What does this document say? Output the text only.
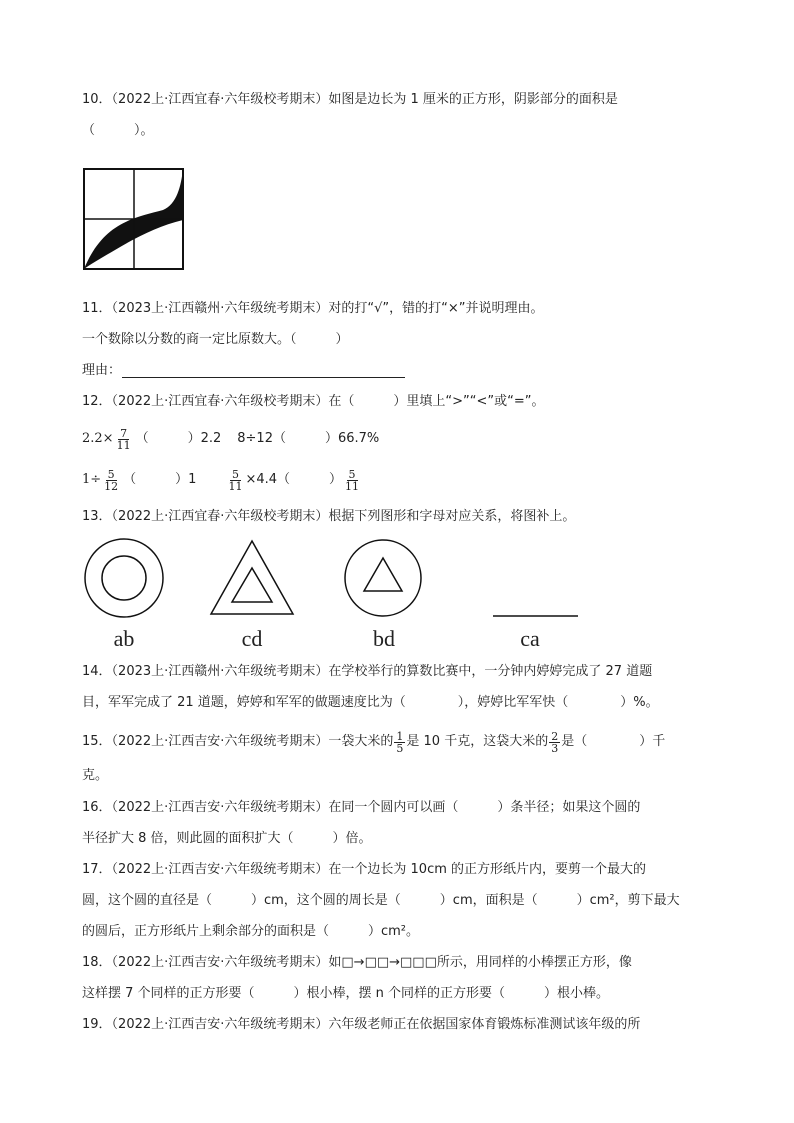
10．（2022上·江西宜春·六年级校考期末）如图是边长为 1 厘米的正方形，阴影部分的面积是
（　　　）。
11．（2023上·江西赣州·六年级统考期末）对的打“√”，错的打“×”并说明理由。
一个数除以分数的商一定比原数大。（　　　）
理由：
12．（2022上·江西宜春·六年级校考期末）在（　　　）里填上“>”“<”或“=”。
$2.2\times \frac{7}{11}$ （　　　）2.2 8÷12（　　　）66.7%
$1\div \frac{5}{12}$ （　　　）1	$\frac{5}{11} \times 4.4$（　　　） $\frac{5}{11}$
13．（2022上·江西宜春·六年级校考期末）根据下列图形和字母对应关系，将图补上。
ab	cd	bd	ca
14．（2023上·江西赣州·六年级统考期末）在学校举行的算数比赛中，一分钟内婷婷完成了 27 道题
目，军军完成了 21 道题，婷婷和军军的做题速度比为（　　　　），婷婷比军军快（　　　　）%。
15．（2022上·江西吉安·六年级统考期末）一袋大米的 $\frac{1}{5}$ 是 10 千克，这袋大米的 $\frac{2}{3}$ 是（　　　　）千
克。
16．（2022上·江西吉安·六年级统考期末）在同一个圆内可以画（　　　）条半径；如果这个圆的
半径扩大 8 倍，则此圆的面积扩大（　　　）倍。
17．（2022上·江西吉安·六年级统考期末）在一个边长为 10cm 的正方形纸片内，要剪一个最大的
圆，这个圆的直径是（　　　）cm，这个圆的周长是（　　　）cm，面积是（　　　）cm²，剪下最大
的圆后，正方形纸片上剩余部分的面积是（　　　）cm²。
18．（2022上·江西吉安·六年级统考期末）如□→□□→□□□所示，用同样的小棒摆正方形，像
这样摆 7 个同样的正方形要（　　　）根小棒，摆 n 个同样的正方形要（　　　）根小棒。
19．（2022上·江西吉安·六年级统考期末）六年级老师正在依据国家体育锻炼标准测试该年级的所
